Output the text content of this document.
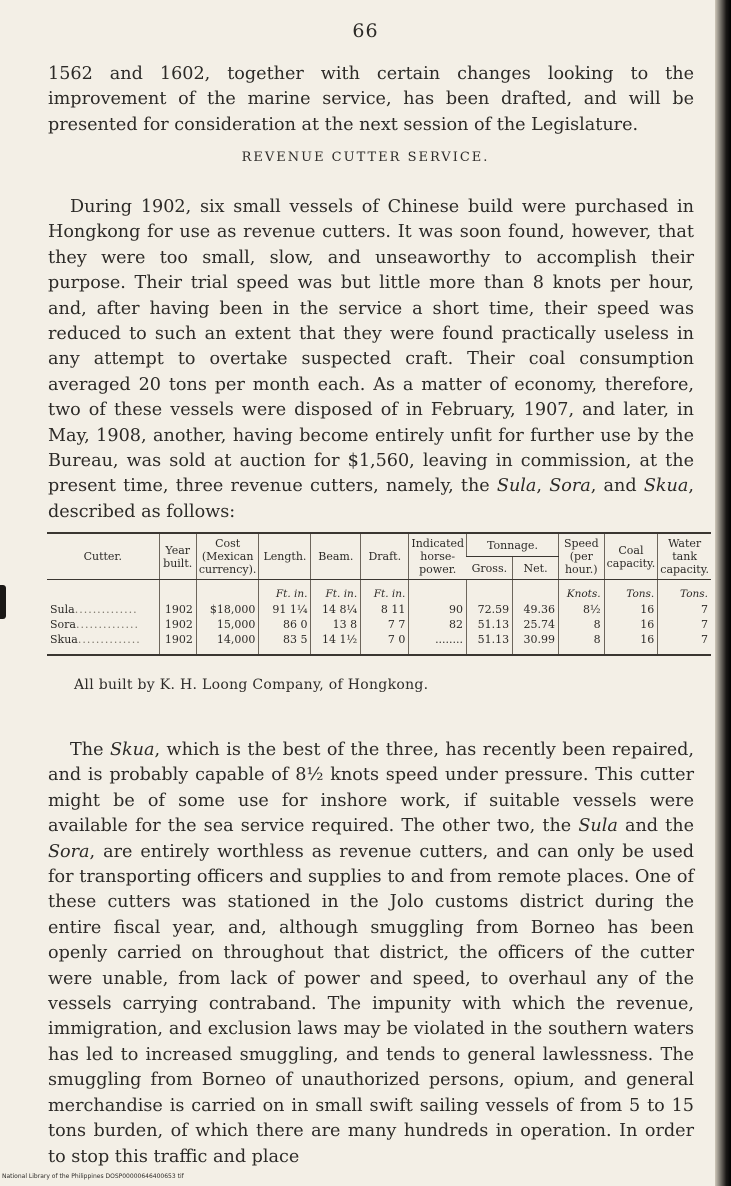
66

1562 and 1602, together with certain changes looking to the improvement of the marine service, has been drafted, and will be presented for consideration at the next session of the Legislature.

REVENUE CUTTER SERVICE.

During 1902, six small vessels of Chinese build were purchased in Hongkong for use as revenue cutters. It was soon found, however, that they were too small, slow, and unseaworthy to accomplish their purpose. Their trial speed was but little more than 8 knots per hour, and, after having been in the service a short time, their speed was reduced to such an extent that they were found practically useless in any attempt to overtake suspected craft. Their coal consumption averaged 20 tons per month each. As a matter of economy, therefore, two of these vessels were disposed of in February, 1907, and later, in May, 1908, another, having become entirely unfit for further use by the Bureau, was sold at auction for $1,560, leaving in commission, at the present time, three revenue cutters, namely, the Sula, Sora, and Skua, described as follows:

Cutter.	Year built.	Cost (Mexican currency).	Length.	Beam.	Draft.	Indicated horse-power.	Tonnage.		Speed (per hour.)	Coal capacity.	Water tank capacity.
							Gross.	Net.			
			Ft. in.	Ft. in.	Ft. in.				Knots.	Tons.	Tons.
Sula..............	1902	$18,000	91 1¼	14 8¼	8 11	90	72.59	49.36	8½	16	7
Sora..............	1902	15,000	86 0	13 8	7 7	82	51.13	25.74	8	16	7
Skua..............	1902	14,000	83 5	14 1½	7 0	........	51.13	30.99	8	16	7
All built by K. H. Loong Company, of Hongkong.

The Skua, which is the best of the three, has recently been repaired, and is probably capable of 8½ knots speed under pressure. This cutter might be of some use for inshore work, if suitable vessels were available for the sea service required. The other two, the Sula and the Sora, are entirely worthless as revenue cutters, and can only be used for transporting officers and supplies to and from remote places. One of these cutters was stationed in the Jolo customs district during the entire fiscal year, and, although smuggling from Borneo has been openly carried on throughout that district, the officers of the cutter were unable, from lack of power and speed, to overhaul any of the vessels carrying contraband. The impunity with which the revenue, immigration, and exclusion laws may be violated in the southern waters has led to increased smuggling, and tends to general lawlessness. The smuggling from Borneo of unauthorized persons, opium, and general merchandise is carried on in small swift sailing vessels of from 5 to 15 tons burden, of which there are many hundreds in operation. In order to stop this traffic and place

National Library of the Philippines DOSP00000646400653 tif
